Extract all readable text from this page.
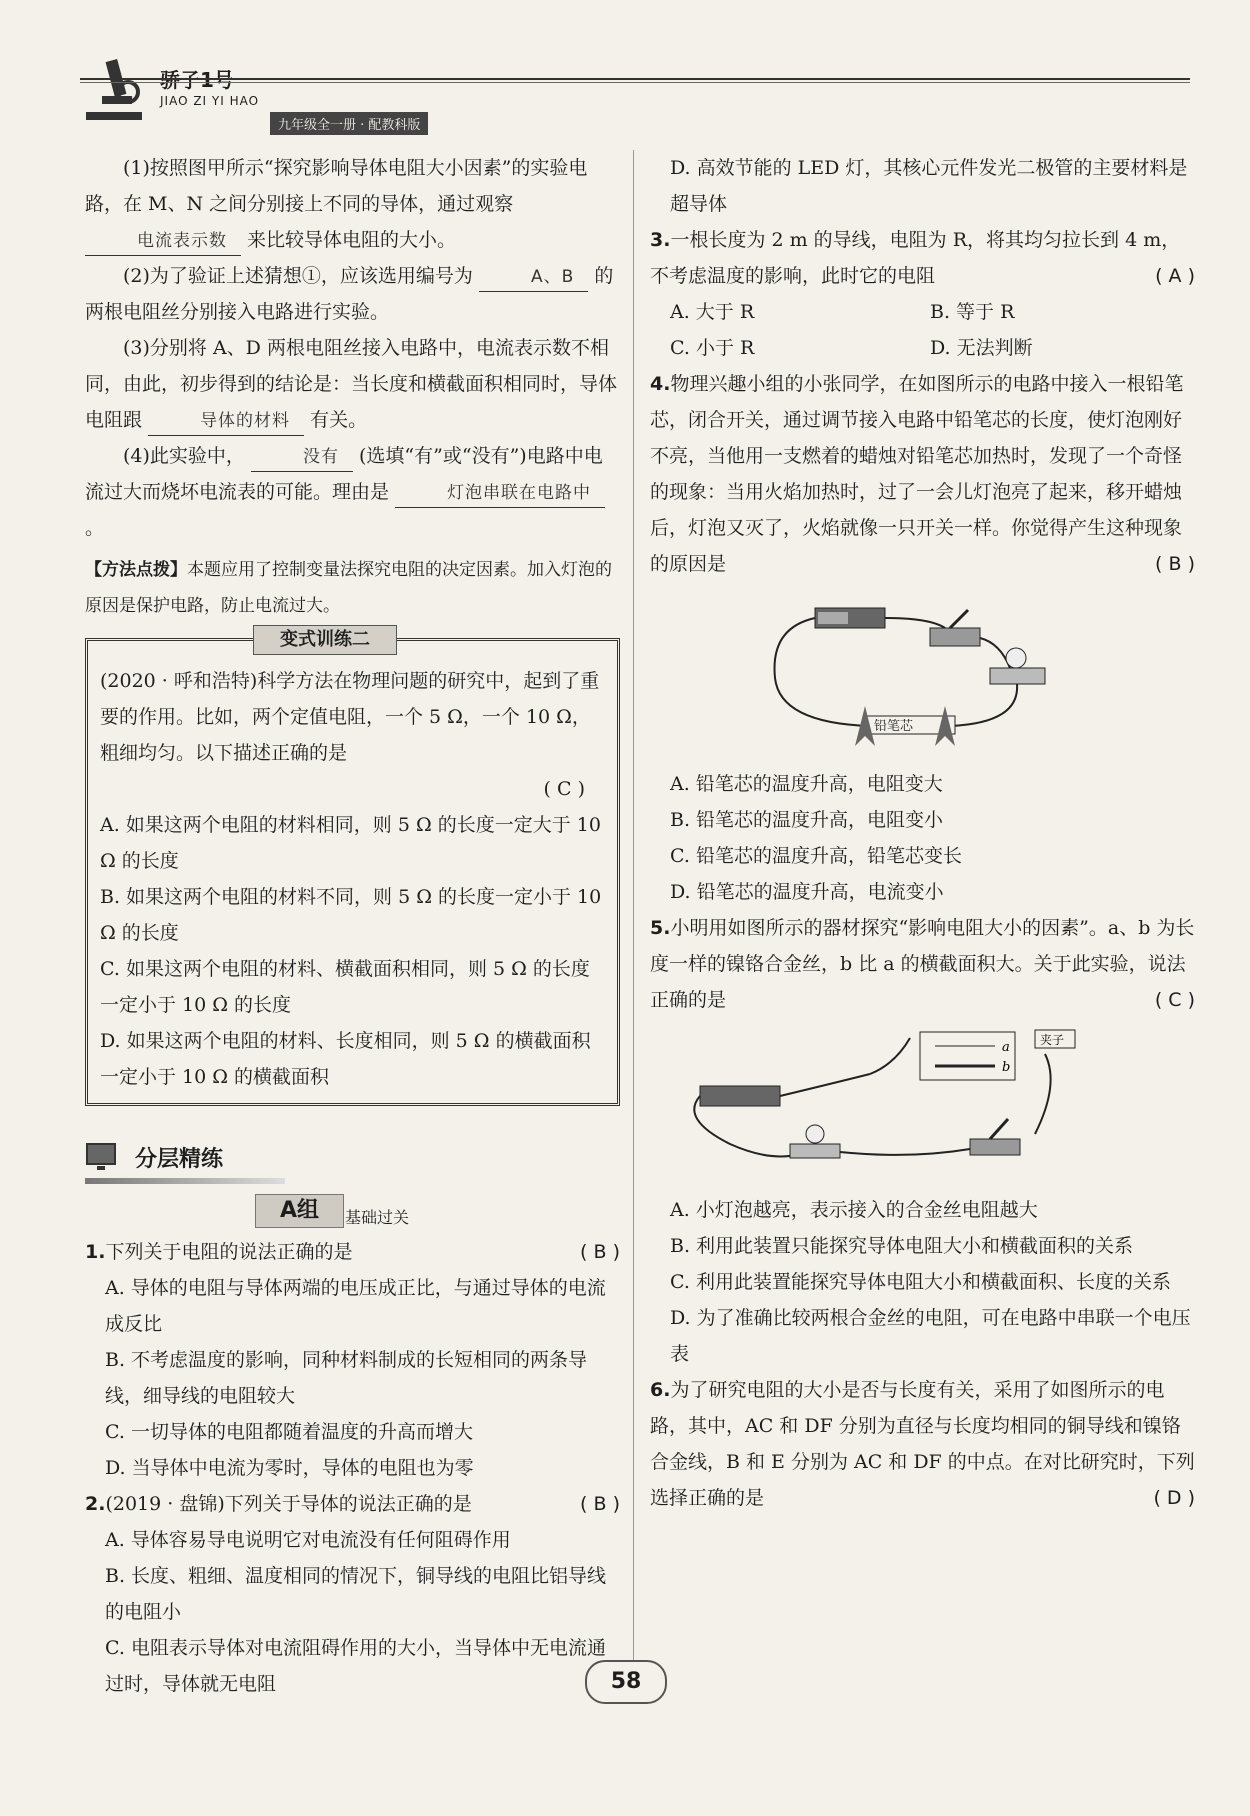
骄子1号
JIAO ZI YI HAO
九年级全一册 · 配教科版

(1)按照图甲所示“探究影响导体电阻大小因素”的实验电路，在 M、N 之间分别接上不同的导体，通过观察 电流表示数 来比较导体电阻的大小。

(2)为了验证上述猜想①，应该选用编号为	A、B 的两根电阻丝分别接入电路进行实验。

(3)分别将 A、D 两根电阻丝接入电路中，电流表示数不相同，由此，初步得到的结论是：当长度和横截面积相同时，导体电阻跟	导体的材料 有关。

(4)此实验中，	没有 (选填“有”或“没有”)电路中电流过大而烧坏电流表的可能。理由是	灯泡串联在电路中 。

【方法点拨】本题应用了控制变量法探究电阻的决定因素。加入灯泡的原因是保护电路，防止电流过大。

变式训练二

(2020 · 呼和浩特)科学方法在物理问题的研究中，起到了重要的作用。比如，两个定值电阻，一个 5 Ω，一个 10 Ω，粗细均匀。以下描述正确的是

( C )

A. 如果这两个电阻的材料相同，则 5 Ω 的长度一定大于 10 Ω 的长度

B. 如果这两个电阻的材料不同，则 5 Ω 的长度一定小于 10 Ω 的长度

C. 如果这两个电阻的材料、横截面积相同，则 5 Ω 的长度一定小于 10 Ω 的长度

D. 如果这两个电阻的材料、长度相同，则 5 Ω 的横截面积一定小于 10 Ω 的横截面积

分层精练
A组	基础过关

1.下列关于电阻的说法正确的是	( B )

A. 导体的电阻与导体两端的电压成正比，与通过导体的电流成反比

B. 不考虑温度的影响，同种材料制成的长短相同的两条导线，细导线的电阻较大

C. 一切导体的电阻都随着温度的升高而增大

D. 当导体中电流为零时，导体的电阻也为零

2.(2019 · 盘锦)下列关于导体的说法正确的是	( B )

A. 导体容易导电说明它对电流没有任何阻碍作用

B. 长度、粗细、温度相同的情况下，铜导线的电阻比铝导线的电阻小

C. 电阻表示导体对电流阻碍作用的大小，当导体中无电流通过时，导体就无电阻

D. 高效节能的 LED 灯，其核心元件发光二极管的主要材料是超导体

3.一根长度为 2 m 的导线，电阻为 R，将其均匀拉长到 4 m，不考虑温度的影响，此时它的电阻	( A )

A. 大于 R	B. 等于 R
C. 小于 R	D. 无法判断

4.物理兴趣小组的小张同学，在如图所示的电路中接入一根铅笔芯，闭合开关，通过调节接入电路中铅笔芯的长度，使灯泡刚好不亮，当他用一支燃着的蜡烛对铅笔芯加热时，发现了一个奇怪的现象：当用火焰加热时，过了一会儿灯泡亮了起来，移开蜡烛后，灯泡又灭了，火焰就像一只开关一样。你觉得产生这种现象的原因是	( B )

铅笔芯

A. 铅笔芯的温度升高，电阻变大

B. 铅笔芯的温度升高，电阻变小

C. 铅笔芯的温度升高，铅笔芯变长

D. 铅笔芯的温度升高，电流变小

5.小明用如图所示的器材探究“影响电阻大小的因素”。a、b 为长度一样的镍铬合金丝，b 比 a 的横截面积大。关于此实验，说法正确的是	( C )

a
b
夹子

A. 小灯泡越亮，表示接入的合金丝电阻越大

B. 利用此装置只能探究导体电阻大小和横截面积的关系

C. 利用此装置能探究导体电阻大小和横截面积、长度的关系

D. 为了准确比较两根合金丝的电阻，可在电路中串联一个电压表

6.为了研究电阻的大小是否与长度有关，采用了如图所示的电路，其中，AC 和 DF 分别为直径与长度均相同的铜导线和镍铬合金线，B 和 E 分别为 AC 和 DF 的中点。在对比研究时，下列选择正确的是	( D )

58
